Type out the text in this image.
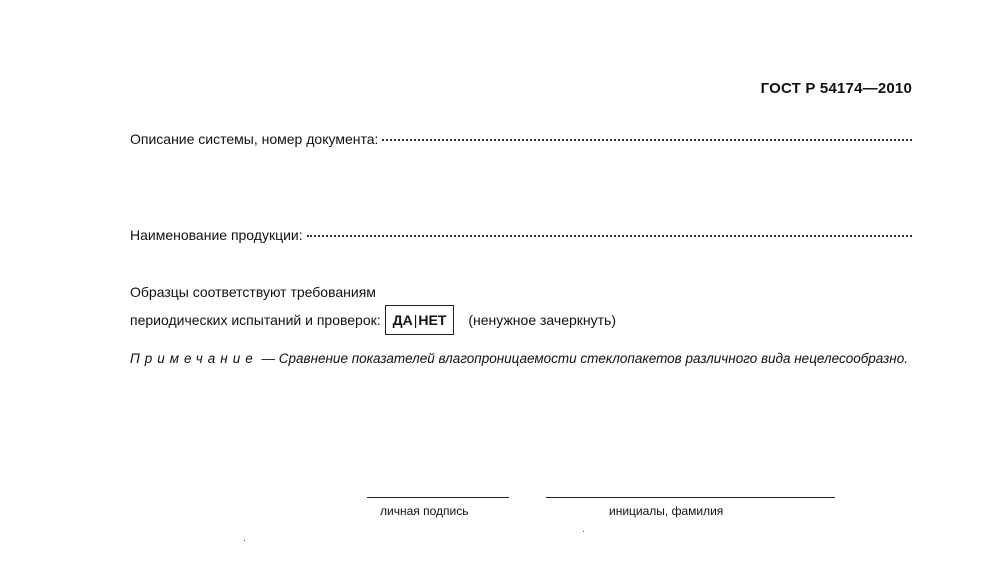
ГОСТ Р 54174—2010
Описание системы, номер документа:
Наименование продукции:
Образцы соответствуют требованиям
периодических испытаний и проверок: ДА | НЕТ (ненужное зачеркнуть)
Примечание — Сравнение показателей влагопроницаемости стеклопакетов различного вида нецелесообразно.
личная подпись	инициалы, фамилия
